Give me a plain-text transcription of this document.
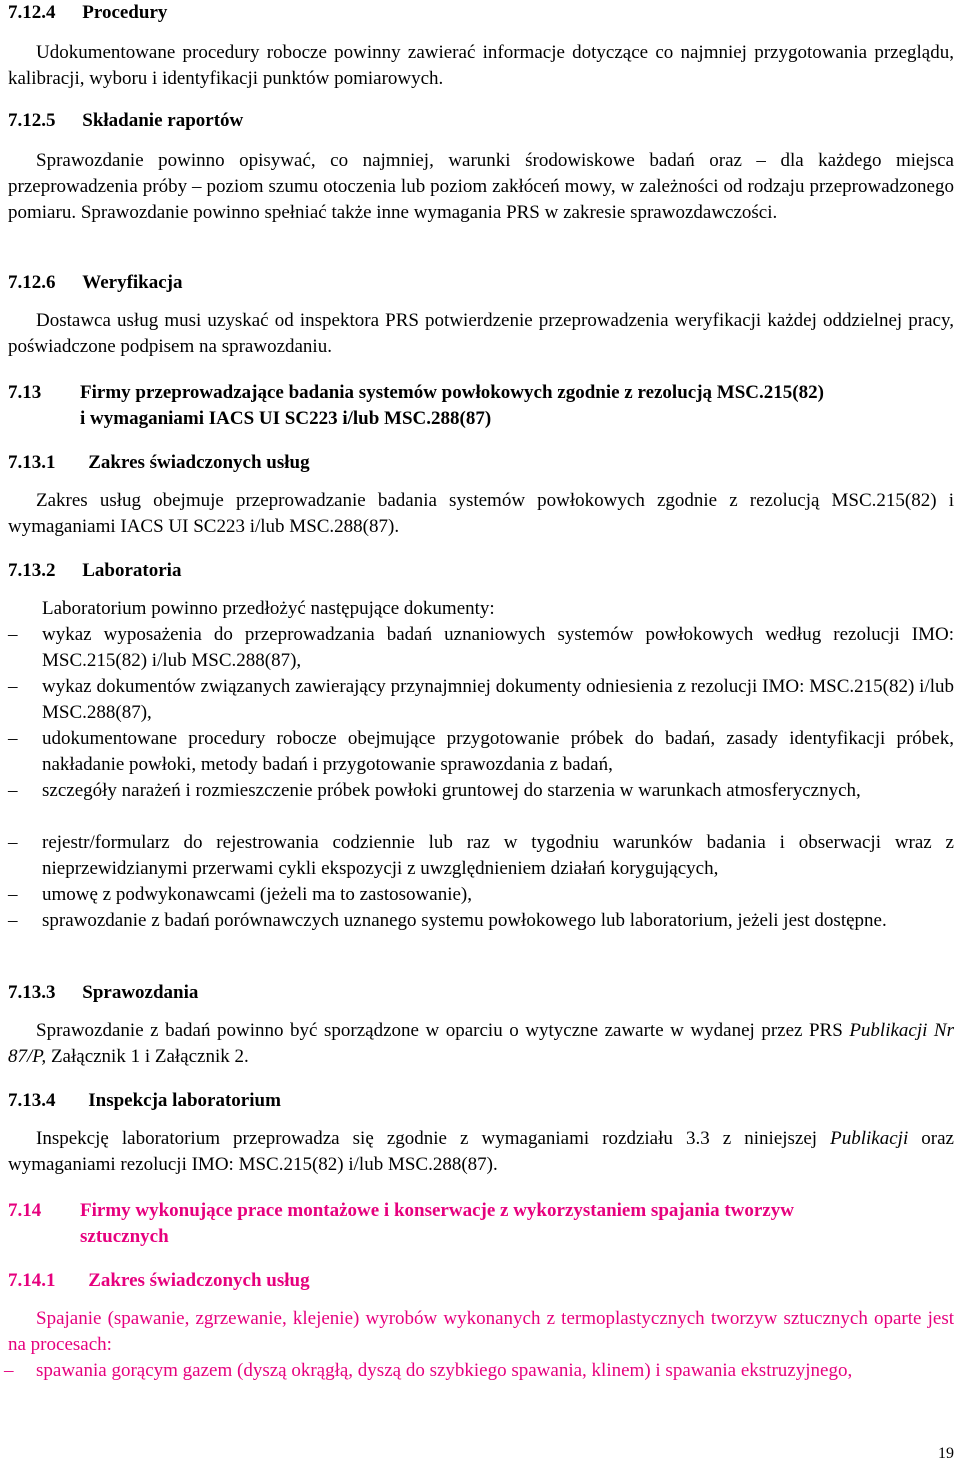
7.12.4 Procedury
Udokumentowane procedury robocze powinny zawierać informacje dotyczące co najmniej przygotowania przeglądu, kalibracji, wyboru i identyfikacji punktów pomiarowych.
7.12.5 Składanie raportów
Sprawozdanie powinno opisywać, co najmniej, warunki środowiskowe badań oraz – dla każdego miejsca przeprowadzenia próby – poziom szumu otoczenia lub poziom zakłóceń mowy, w zależności od rodzaju przeprowadzonego pomiaru. Sprawozdanie powinno spełniać także inne wymagania PRS w zakresie sprawozdawczości.
7.12.6 Weryfikacja
Dostawca usług musi uzyskać od inspektora PRS potwierdzenie przeprowadzenia weryfikacji każdej oddzielnej pracy, poświadczone podpisem na sprawozdaniu.
7.13 Firmy przeprowadzające badania systemów powłokowych zgodnie z rezolucją MSC.215(82)
i wymaganiami IACS UI SC223 i/lub MSC.288(87)
7.13.1 Zakres świadczonych usług
Zakres usług obejmuje przeprowadzanie badania systemów powłokowych zgodnie z rezolucją MSC.215(82) i wymaganiami IACS UI SC223 i/lub MSC.288(87).
7.13.2 Laboratoria
Laboratorium powinno przedłożyć następujące dokumenty:
– wykaz wyposażenia do przeprowadzania badań uznaniowych systemów powłokowych według rezolucji IMO: MSC.215(82) i/lub MSC.288(87),
– wykaz dokumentów związanych zawierający przynajmniej dokumenty odniesienia z rezolucji IMO: MSC.215(82) i/lub MSC.288(87),
– udokumentowane procedury robocze obejmujące przygotowanie próbek do badań, zasady identyfikacji próbek, nakładanie powłoki, metody badań i przygotowanie sprawozdania z badań,
– szczegóły narażeń i rozmieszczenie próbek powłoki gruntowej do starzenia w warunkach atmosferycznych,
– rejestr/formularz do rejestrowania codziennie lub raz w tygodniu warunków badania i obserwacji wraz z nieprzewidzianymi przerwami cykli ekspozycji z uwzględnieniem działań korygujących,
– umowę z podwykonawcami (jeżeli ma to zastosowanie),
– sprawozdanie z badań porównawczych uznanego systemu powłokowego lub laboratorium, jeżeli jest dostępne.
7.13.3 Sprawozdania
Sprawozdanie z badań powinno być sporządzone w oparciu o wytyczne zawarte w wydanej przez PRS Publikacji Nr 87/P, Załącznik 1 i Załącznik 2.
7.13.4 Inspekcja laboratorium
Inspekcję laboratorium przeprowadza się zgodnie z wymaganiami rozdziału 3.3 z niniejszej Publikacji oraz wymaganiami rezolucji IMO: MSC.215(82) i/lub MSC.288(87).
7.14 Firmy wykonujące prace montażowe i konserwacje z wykorzystaniem spajania tworzyw
sztucznych
7.14.1 Zakres świadczonych usług
Spajanie (spawanie, zgrzewanie, klejenie) wyrobów wykonanych z termoplastycznych tworzyw sztucznych oparte jest na procesach:
– spawania gorącym gazem (dyszą okrągłą, dyszą do szybkiego spawania, klinem) i spawania ekstruzyjnego,
19
